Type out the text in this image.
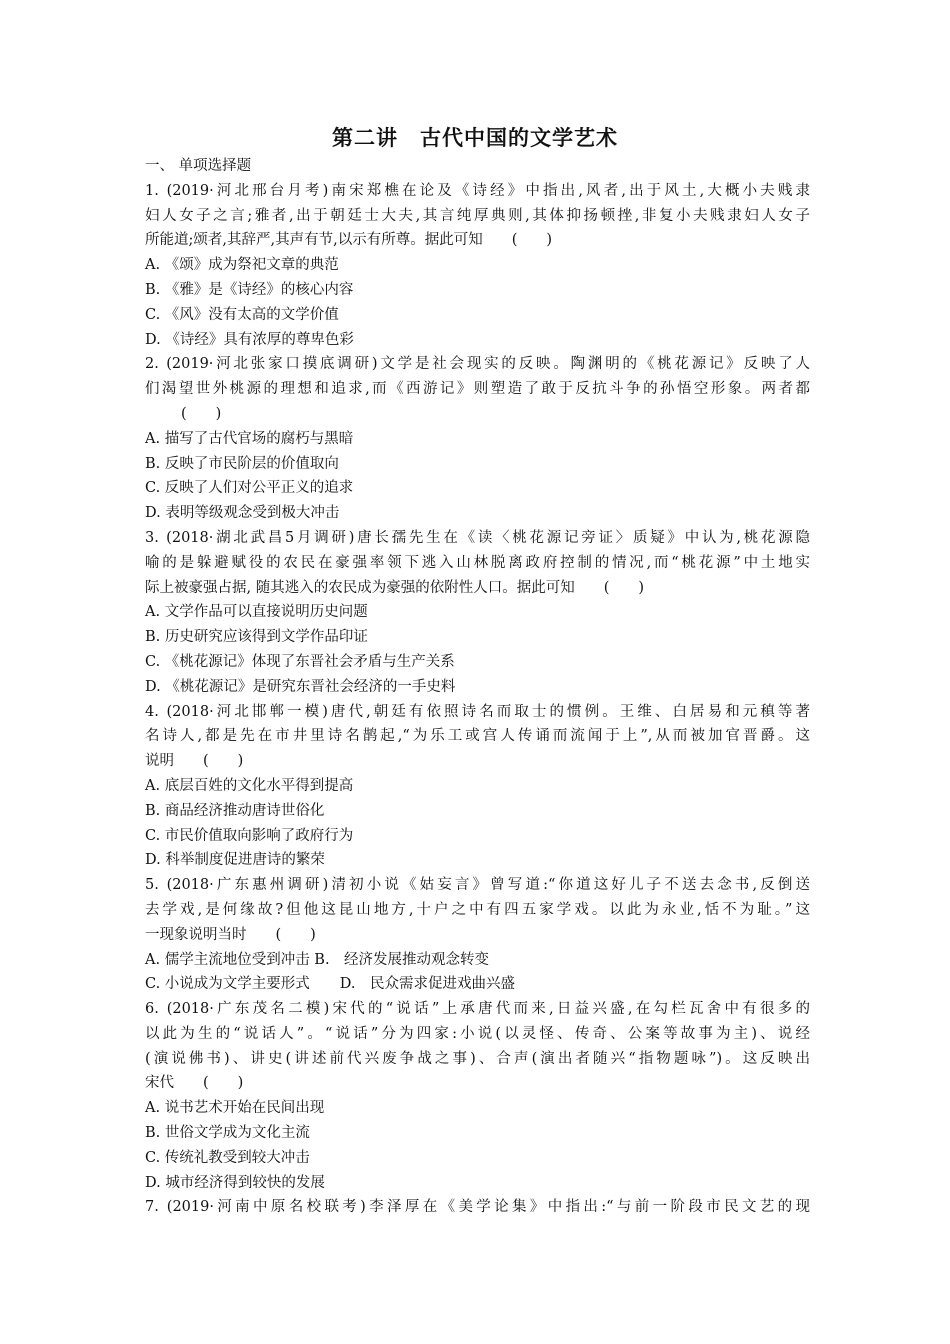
第二讲 古代中国的文学艺术
一、 单项选择题
1. (2019·河北邢台月考)南宋郑樵在论及《诗经》中指出,风者,出于风土,大概小夫贱隶
妇人女子之言;雅者,出于朝廷士大夫,其言纯厚典则,其体抑扬顿挫,非复小夫贱隶妇人女子
所能道;颂者,其辞严,其声有节,以示有所尊。据此可知　　(　　)
A. 《颂》成为祭祀文章的典范
B. 《雅》是《诗经》的核心内容
C. 《风》没有太高的文学价值
D. 《诗经》具有浓厚的尊卑色彩
2. (2019·河北张家口摸底调研)文学是社会现实的反映。陶渊明的《桃花源记》反映了人
们渴望世外桃源的理想和追求,而《西游记》则塑造了敢于反抗斗争的孙悟空形象。两者都
(　　)
A. 描写了古代官场的腐朽与黑暗
B. 反映了市民阶层的价值取向
C. 反映了人们对公平正义的追求
D. 表明等级观念受到极大冲击
3. (2018·湖北武昌5月调研)唐长孺先生在《读〈桃花源记旁证〉质疑》中认为,桃花源隐
喻的是躲避赋役的农民在豪强率领下逃入山林脱离政府控制的情况,而“桃花源”中土地实
际上被豪强占据, 随其逃入的农民成为豪强的依附性人口。据此可知　　(　　)
A. 文学作品可以直接说明历史问题
B. 历史研究应该得到文学作品印证
C. 《桃花源记》体现了东晋社会矛盾与生产关系
D. 《桃花源记》是研究东晋社会经济的一手史料
4. (2018·河北邯郸一模)唐代,朝廷有依照诗名而取士的惯例。王维、白居易和元稹等著
名诗人,都是先在市井里诗名鹊起,“为乐工或宫人传诵而流闻于上”,从而被加官晋爵。这
说明　　(　　)
A. 底层百姓的文化水平得到提高
B. 商品经济推动唐诗世俗化
C. 市民价值取向影响了政府行为
D. 科举制度促进唐诗的繁荣
5. (2018·广东惠州调研)清初小说《姑妄言》曾写道:“你道这好儿子不送去念书,反倒送
去学戏,是何缘故?但他这昆山地方,十户之中有四五家学戏。以此为永业,恬不为耻。”这
一现象说明当时　　(　　)
A. 儒学主流地位受到冲击 B.　经济发展推动观念转变
C. 小说成为文学主要形式 D.　民众需求促进戏曲兴盛
6. (2018·广东茂名二模)宋代的“说话”上承唐代而来,日益兴盛,在勾栏瓦舍中有很多的
以此为生的“说话人”。“说话”分为四家:小说(以灵怪、传奇、公案等故事为主)、说经
(演说佛书)、讲史(讲述前代兴废争战之事)、合声(演出者随兴“指物题咏”)。这反映出
宋代　　(　　)
A. 说书艺术开始在民间出现
B. 世俗文学成为文化主流
C. 传统礼教受到较大冲击
D. 城市经济得到较快的发展
7. (2019·河南中原名校联考)李泽厚在《美学论集》中指出:“与前一阶段市民文艺的现
